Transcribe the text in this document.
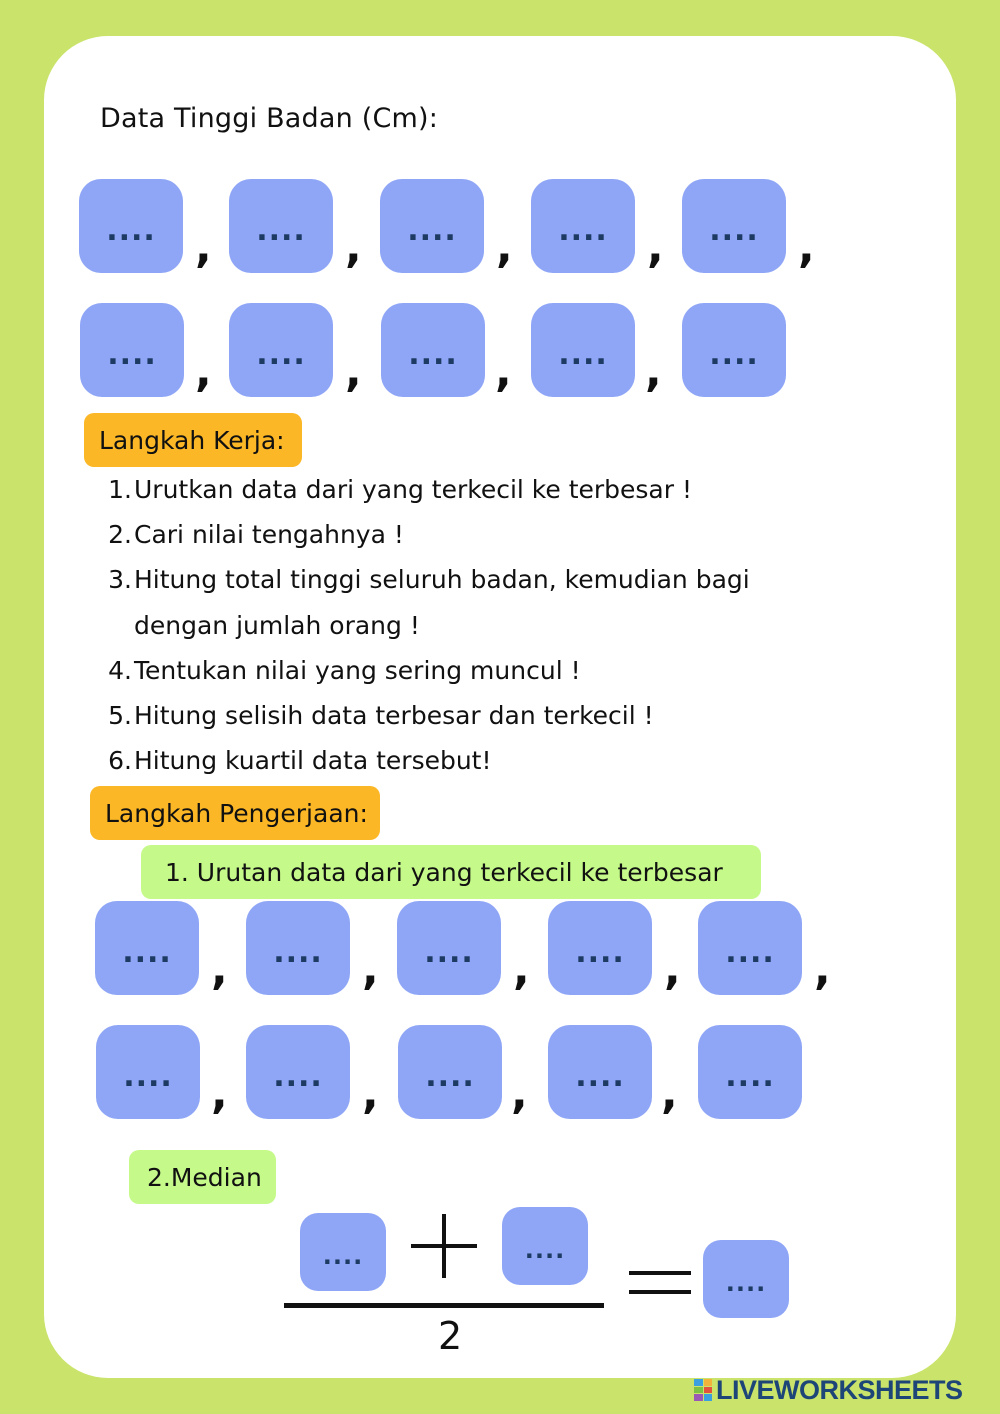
Data Tinggi Badan (Cm):
.... ,	.... ,	.... ,	.... ,	.... ,
.... ,	.... ,	.... ,	.... ,	....
Langkah Kerja:
1.Urutkan data dari yang terkecil ke terbesar !
2.Cari nilai tengahnya !
3.Hitung total tinggi seluruh badan, kemudian bagi
dengan jumlah orang !
4.Tentukan nilai yang sering muncul !
5.Hitung selisih data terbesar dan terkecil !
6.Hitung kuartil data tersebut!
Langkah Pengerjaan:
1. Urutan data dari yang terkecil ke terbesar
.... ,	.... ,	.... ,	.... ,	.... ,
.... ,	.... ,	.... ,	.... ,	....
2.Median
....	....
2
....
LIVEWORKSHEETS
